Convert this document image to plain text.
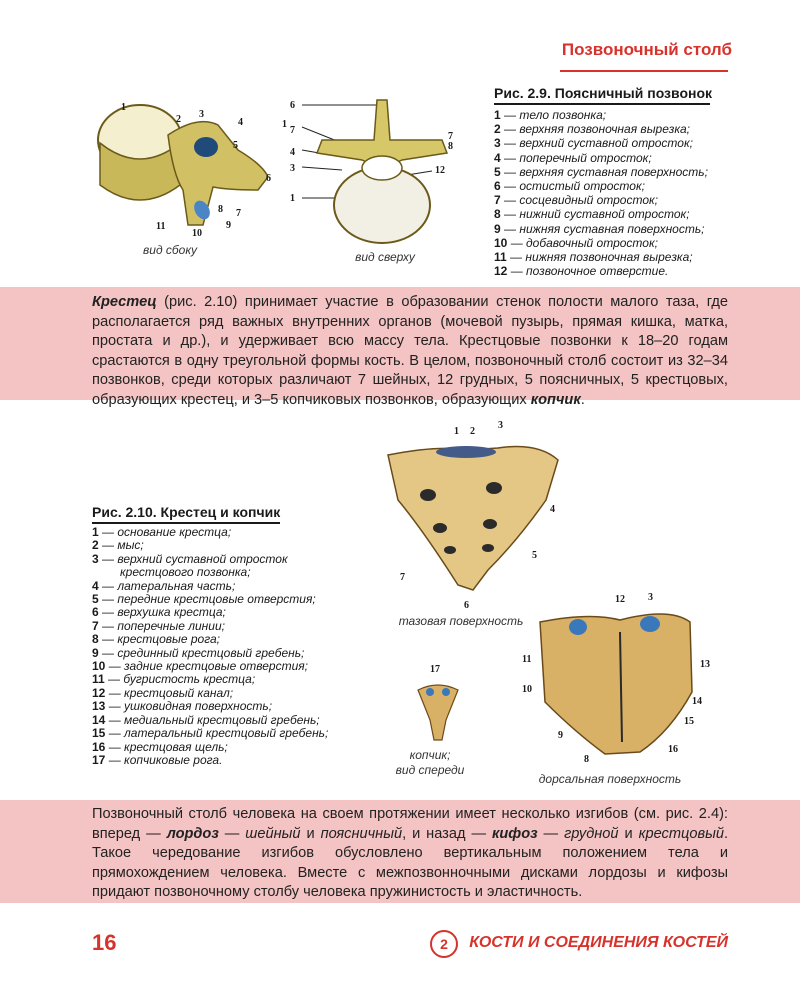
Позвоночный столб
1
2 3
4
5
6
7
8
9
10
11
вид сбоку
1
7
4
3
1
6
7
8
12
вид сверху
Рис. 2.9. Поясничный позвонок
1 — тело позвонка;
2 — верхняя позвоночная вырезка;
3 — верхний суставной отросток;
4 — поперечный отросток;
5 — верхняя суставная поверхность;
6 — остистый отросток;
7 — сосцевидный отросток;
8 — нижний суставной отросток;
9 — нижняя суставная поверхность;
10 — добавочный отросток;
11 — нижняя позвоночная вырезка;
12 — позвоночное отверстие.
Крестец (рис. 2.10) принимает участие в образовании стенок полости малого таза, где располагается ряд важных внутренних органов (мочевой пузырь, прямая кишка, матка, простата и др.), и удерживает всю массу тела. Крестцовые позвонки к 18–20 годам срастаются в одну треугольной формы кость. В целом, позвоночный столб состоит из 32–34 позвонков, среди которых различают 7 шейных, 12 грудных, 5 поясничных, 5 крестцовых, образующих крестец, и 3–5 копчиковых позвонков, образующих копчик.
1 2
3
4
5
6
7
тазовая поверхность
12 3
11	13
10
14
15
9
16
8
дорсальная поверхность
17
копчик;
вид спереди
Рис. 2.10. Крестец и копчик
1 — основание крестца;
2 — мыс;
3 — верхний суставной отросток
крестцового позвонка;
4 — латеральная часть;
5 — передние крестцовые отверстия;
6 — верхушка крестца;
7 — поперечные линии;
8 — крестцовые рога;
9 — срединный крестцовый гребень;
10 — задние крестцовые отверстия;
11 — бугристость крестца;
12 — крестцовый канал;
13 — ушковидная поверхность;
14 — медиальный крестцовый гребень;
15 — латеральный крестцовый гребень;
16 — крестцовая щель;
17 — копчиковые рога.
Позвоночный столб человека на своем протяжении имеет несколько изгибов (см. рис. 2.4): вперед — лордоз — шейный и поясничный, и назад — кифоз — грудной и крестцовый. Такое чередование изгибов обусловлено вертикальным положением тела и прямохождением человека. Вместе с межпозвонночными дисками лордозы и кифозы придают позвоночному столбу человека пружинистость и эластичность.
16	2	КОСТИ И СОЕДИНЕНИЯ КОСТЕЙ
